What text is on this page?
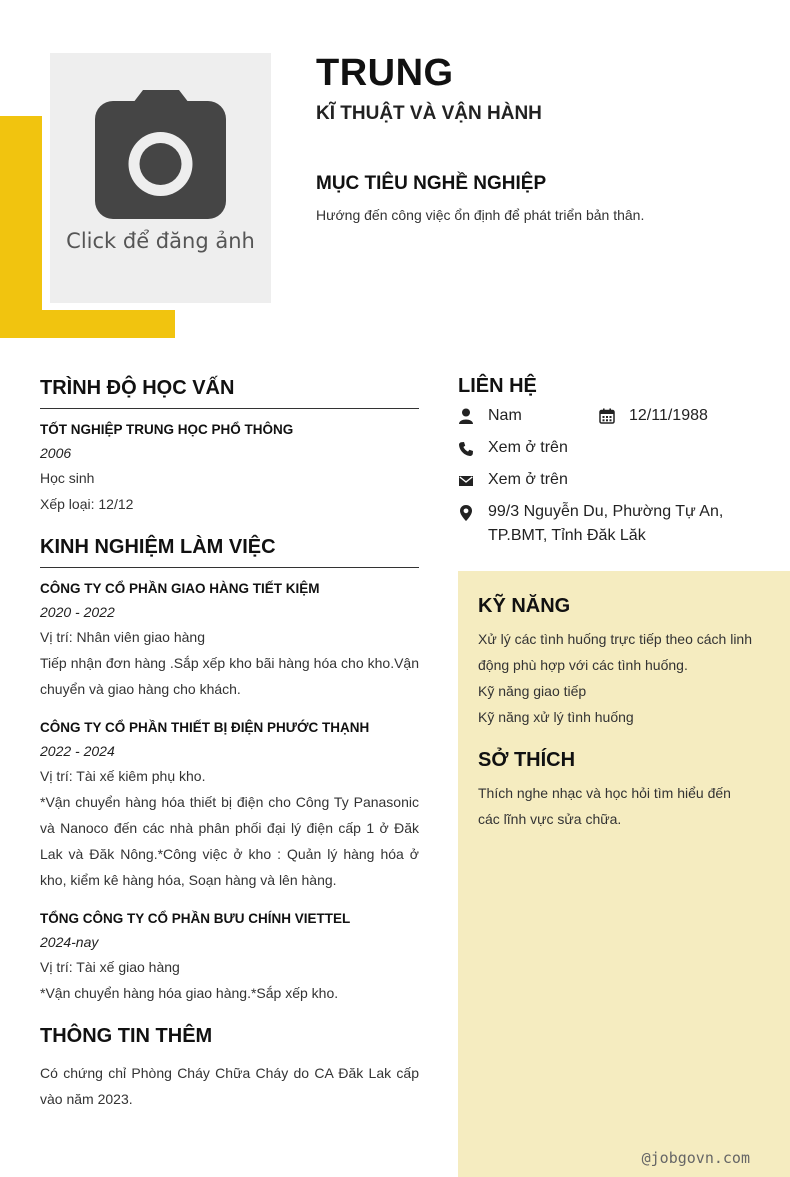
Click để đăng ảnh
TRUNG
KĨ THUẬT VÀ VẬN HÀNH
MỤC TIÊU NGHỀ NGHIỆP
Hướng đến công việc ổn định để phát triển bản thân.
TRÌNH ĐỘ HỌC VẤN
TỐT NGHIỆP TRUNG HỌC PHỔ THÔNG
2006
Học sinh
Xếp loại: 12/12
KINH NGHIỆM LÀM VIỆC
CÔNG TY CỔ PHẦN GIAO HÀNG TIẾT KIỆM
2020 - 2022
Vị trí: Nhân viên giao hàng
Tiếp nhận đơn hàng .Sắp xếp kho bãi hàng hóa cho kho.Vận chuyển và giao hàng cho khách.
CÔNG TY CỔ PHẦN THIẾT BỊ ĐIỆN PHƯỚC THẠNH
2022 - 2024
Vị trí: Tài xế kiêm phụ kho.
*Vận chuyển hàng hóa thiết bị điện cho Công Ty Panasonic và Nanoco đến các nhà phân phối đại lý điện cấp 1 ở Đăk Lak và Đăk Nông.*Công việc ở kho : Quản lý hàng hóa ở kho, kiểm kê hàng hóa, Soạn hàng và lên hàng.
TỔNG CÔNG TY CỔ PHẦN BƯU CHÍNH VIETTEL
2024-nay
Vị trí: Tài xế giao hàng
*Vận chuyển hàng hóa giao hàng.*Sắp xếp kho.
THÔNG TIN THÊM
Có chứng chỉ Phòng Cháy Chữa Cháy do CA Đăk Lak cấp vào năm 2023.
LIÊN HỆ
Nam	12/11/1988
Xem ở trên
Xem ở trên
99/3 Nguyễn Du, Phường Tự An, TP.BMT, Tỉnh Đăk Lăk
KỸ NĂNG
Xử lý các tình huống trực tiếp theo cách linh động phù hợp với các tình huống.
Kỹ năng giao tiếp
Kỹ năng xử lý tình huống
SỞ THÍCH
Thích nghe nhạc và học hỏi tìm hiểu đến các lĩnh vực sửa chữa.
@jobgovn.com
